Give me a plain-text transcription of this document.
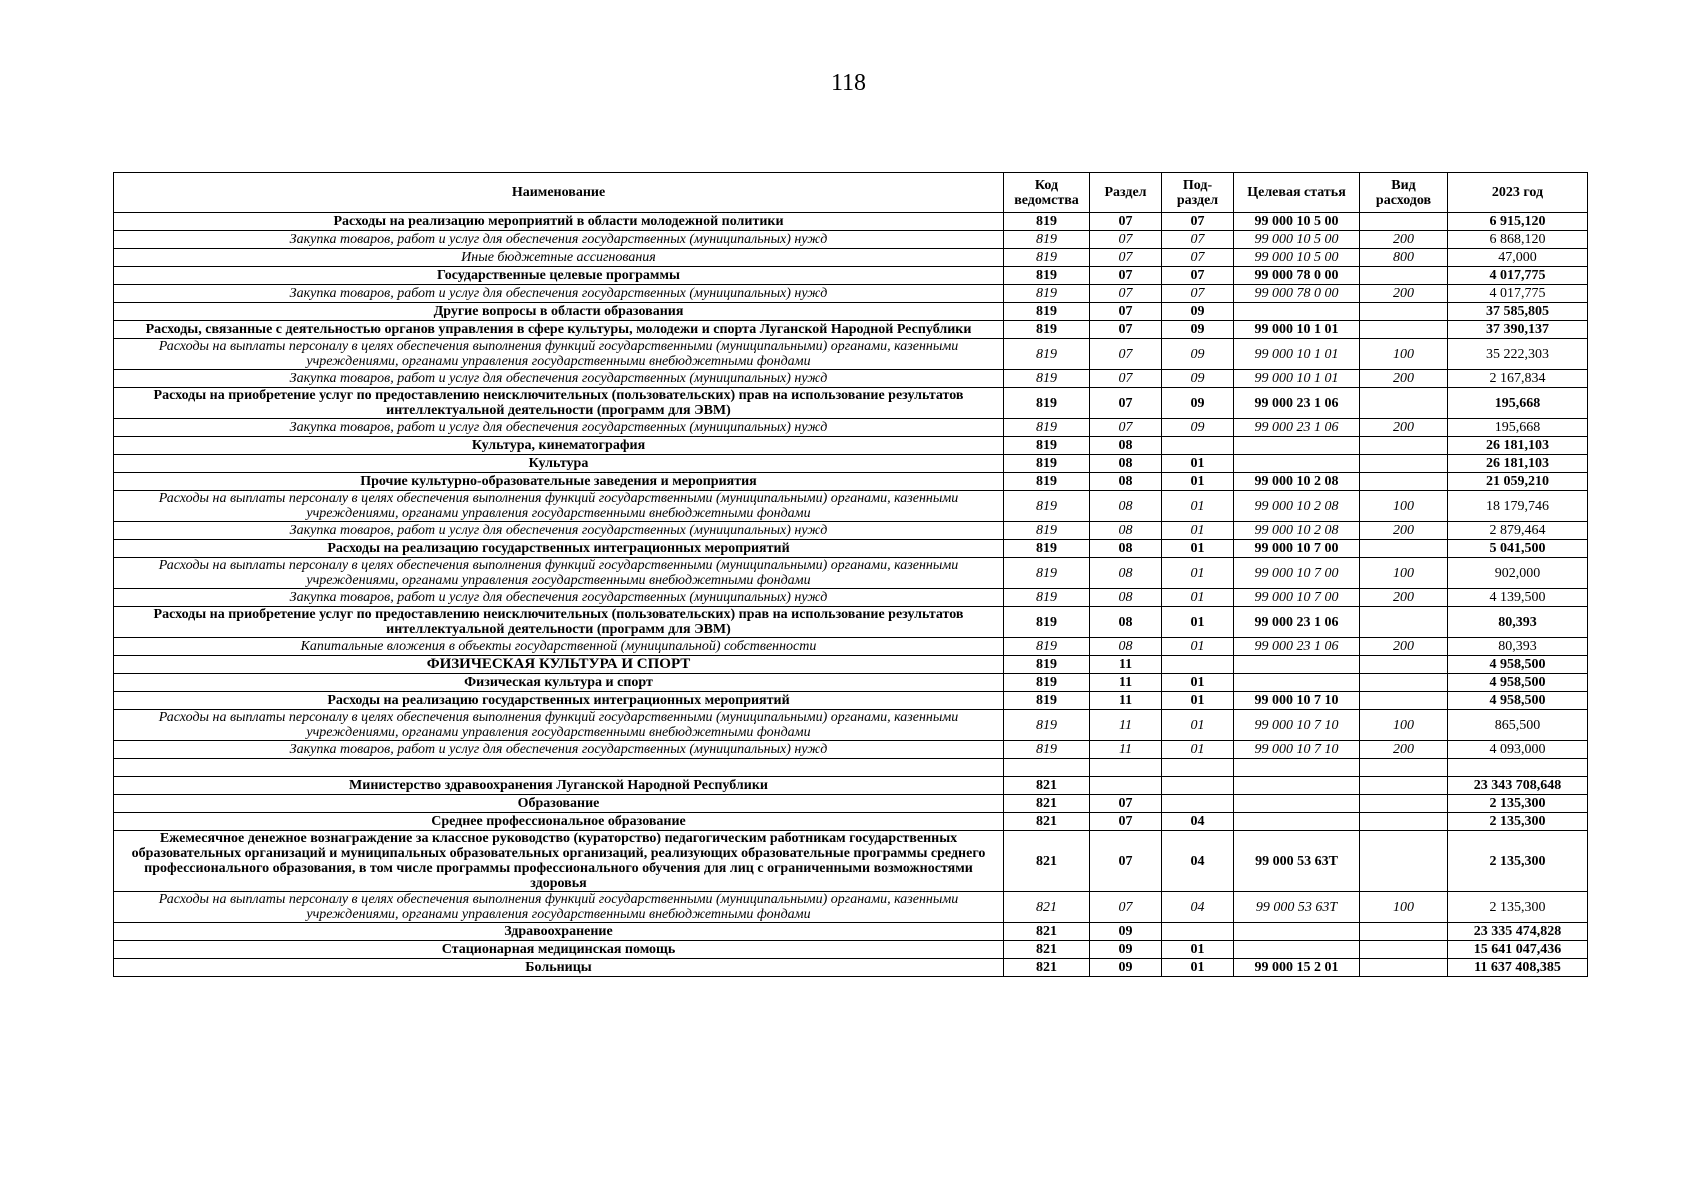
118
Наименование	Код ведомства	Раздел	Под-раздел	Целевая статья	Вид расходов	2023 год
Расходы на реализацию мероприятий в области молодежной политики	819	07	07	99 000 10 5 00		6 915,120
Закупка товаров, работ и услуг для обеспечения государственных (муниципальных) нужд	819	07	07	99 000 10 5 00	200	6 868,120
Иные бюджетные ассигнования	819	07	07	99 000 10 5 00	800	47,000
Государственные целевые программы	819	07	07	99 000 78 0 00		4 017,775
Закупка товаров, работ и услуг для обеспечения государственных (муниципальных) нужд	819	07	07	99 000 78 0 00	200	4 017,775
Другие вопросы в области образования	819	07	09			37 585,805
Расходы, связанные с деятельностью органов управления в сфере культуры, молодежи и спорта Луганской Народной Республики	819	07	09	99 000 10 1 01		37 390,137
Расходы на выплаты персоналу в целях обеспечения выполнения функций государственными (муниципальными) органами, казенными учреждениями, органами управления государственными внебюджетными фондами	819	07	09	99 000 10 1 01	100	35 222,303
Закупка товаров, работ и услуг для обеспечения государственных (муниципальных) нужд	819	07	09	99 000 10 1 01	200	2 167,834
Расходы на приобретение услуг по предоставлению неисключительных (пользовательских) прав на использование результатов интеллектуальной деятельности (программ для ЭВМ)	819	07	09	99 000 23 1 06		195,668
Закупка товаров, работ и услуг для обеспечения государственных (муниципальных) нужд	819	07	09	99 000 23 1 06	200	195,668
Культура, кинематография	819	08				26 181,103
Культура	819	08	01			26 181,103
Прочие культурно-образовательные заведения и мероприятия	819	08	01	99 000 10 2 08		21 059,210
Расходы на выплаты персоналу в целях обеспечения выполнения функций государственными (муниципальными) органами, казенными учреждениями, органами управления государственными внебюджетными фондами	819	08	01	99 000 10 2 08	100	18 179,746
Закупка товаров, работ и услуг для обеспечения государственных (муниципальных) нужд	819	08	01	99 000 10 2 08	200	2 879,464
Расходы на реализацию государственных интеграционных мероприятий	819	08	01	99 000 10 7 00		5 041,500
Расходы на выплаты персоналу в целях обеспечения выполнения функций государственными (муниципальными) органами, казенными учреждениями, органами управления государственными внебюджетными фондами	819	08	01	99 000 10 7 00	100	902,000
Закупка товаров, работ и услуг для обеспечения государственных (муниципальных) нужд	819	08	01	99 000 10 7 00	200	4 139,500
Расходы на приобретение услуг по предоставлению неисключительных (пользовательских) прав на использование результатов интеллектуальной деятельности (программ для ЭВМ)	819	08	01	99 000 23 1 06		80,393
Капитальные вложения в объекты государственной (муниципальной) собственности	819	08	01	99 000 23 1 06	200	80,393
ФИЗИЧЕСКАЯ КУЛЬТУРА И СПОРТ	819	11				4 958,500
Физическая культура и спорт	819	11	01			4 958,500
Расходы на реализацию государственных интеграционных мероприятий	819	11	01	99 000 10 7 10		4 958,500
Расходы на выплаты персоналу в целях обеспечения выполнения функций государственными (муниципальными) органами, казенными учреждениями, органами управления государственными внебюджетными фондами	819	11	01	99 000 10 7 10	100	865,500
Закупка товаров, работ и услуг для обеспечения государственных (муниципальных) нужд	819	11	01	99 000 10 7 10	200	4 093,000

Министерство здравоохранения Луганской Народной Республики	821					23 343 708,648
Образование	821	07				2 135,300
Среднее профессиональное образование	821	07	04			2 135,300
Ежемесячное денежное вознаграждение за классное руководство (кураторство) педагогическим работникам государственных образовательных организаций и муниципальных образовательных организаций, реализующих образовательные программы среднего профессионального образования, в том числе программы профессионального обучения для лиц с ограниченными возможностями здоровья	821	07	04	99 000 53 63Т		2 135,300
Расходы на выплаты персоналу в целях обеспечения выполнения функций государственными (муниципальными) органами, казенными учреждениями, органами управления государственными внебюджетными фондами	821	07	04	99 000 53 63Т	100	2 135,300
Здравоохранение	821	09				23 335 474,828
Стационарная медицинская помощь	821	09	01			15 641 047,436
Больницы	821	09	01	99 000 15 2 01		11 637 408,385
